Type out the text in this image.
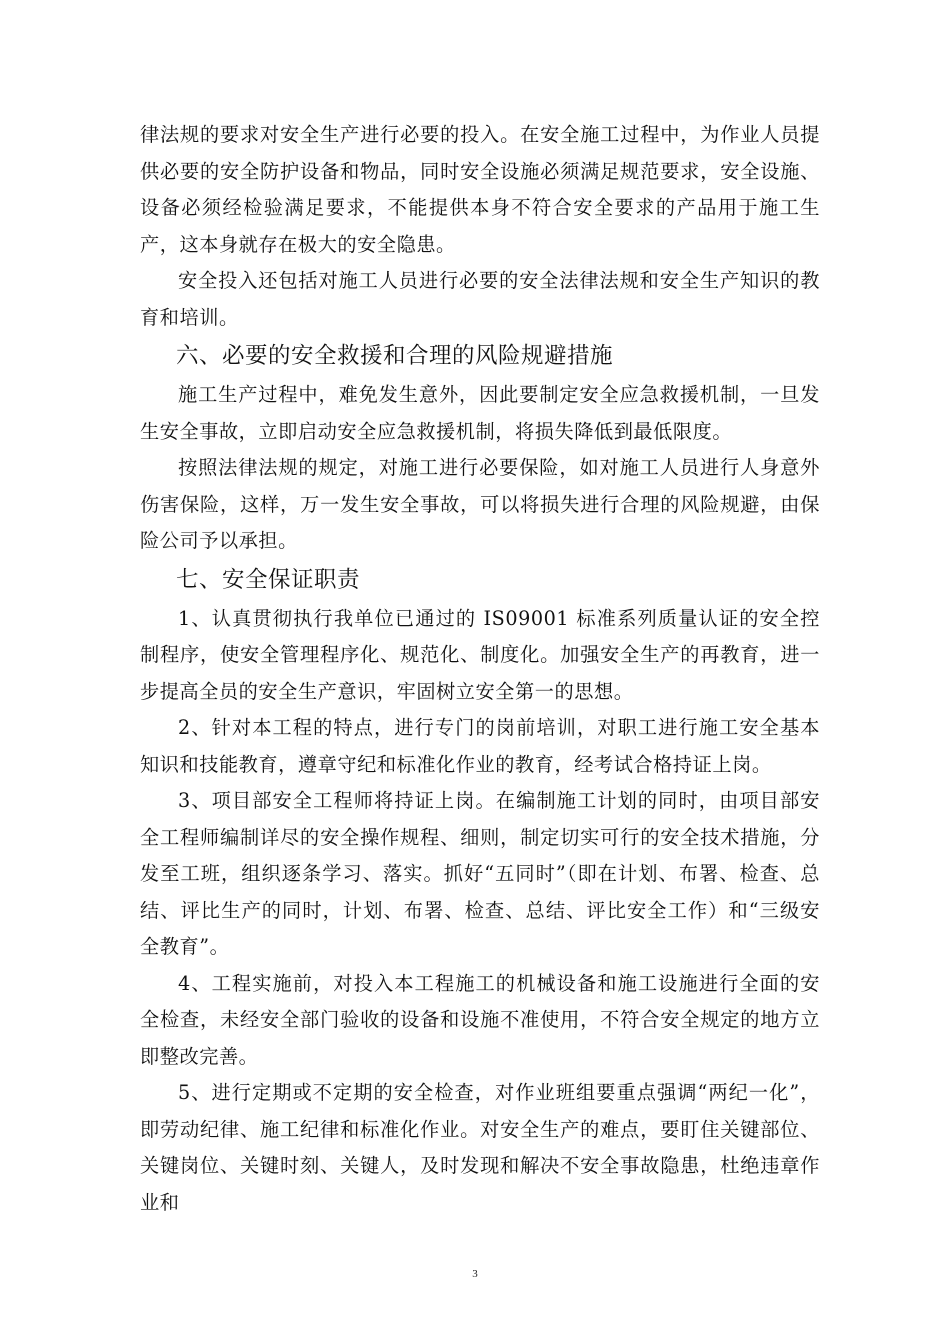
律法规的要求对安全生产进行必要的投入。在安全施工过程中，为作业人员提供必要的安全防护设备和物品，同时安全设施必须满足规范要求，安全设施、设备必须经检验满足要求，不能提供本身不符合安全要求的产品用于施工生产，这本身就存在极大的安全隐患。

安全投入还包括对施工人员进行必要的安全法律法规和安全生产知识的教育和培训。

六、必要的安全救援和合理的风险规避措施

施工生产过程中，难免发生意外，因此要制定安全应急救援机制，一旦发生安全事故，立即启动安全应急救援机制，将损失降低到最低限度。

按照法律法规的规定，对施工进行必要保险，如对施工人员进行人身意外伤害保险，这样，万一发生安全事故，可以将损失进行合理的风险规避，由保险公司予以承担。

七、安全保证职责

1、认真贯彻执行我单位已通过的 IS09001 标准系列质量认证的安全控制程序，使安全管理程序化、规范化、制度化。加强安全生产的再教育，进一步提高全员的安全生产意识，牢固树立安全第一的思想。

2、针对本工程的特点，进行专门的岗前培训，对职工进行施工安全基本知识和技能教育，遵章守纪和标准化作业的教育，经考试合格持证上岗。

3、项目部安全工程师将持证上岗。在编制施工计划的同时，由项目部安全工程师编制详尽的安全操作规程、细则，制定切实可行的安全技术措施，分发至工班，组织逐条学习、落实。抓好“五同时”（即在计划、布署、检查、总结、评比生产的同时，计划、布署、检查、总结、评比安全工作）和“三级安全教育”。

4、工程实施前，对投入本工程施工的机械设备和施工设施进行全面的安全检查，未经安全部门验收的设备和设施不准使用，不符合安全规定的地方立即整改完善。

5、进行定期或不定期的安全检查，对作业班组要重点强调“两纪一化”，即劳动纪律、施工纪律和标准化作业。对安全生产的难点，要盯住关键部位、关键岗位、关键时刻、关键人，及时发现和解决不安全事故隐患，杜绝违章作业和

3
